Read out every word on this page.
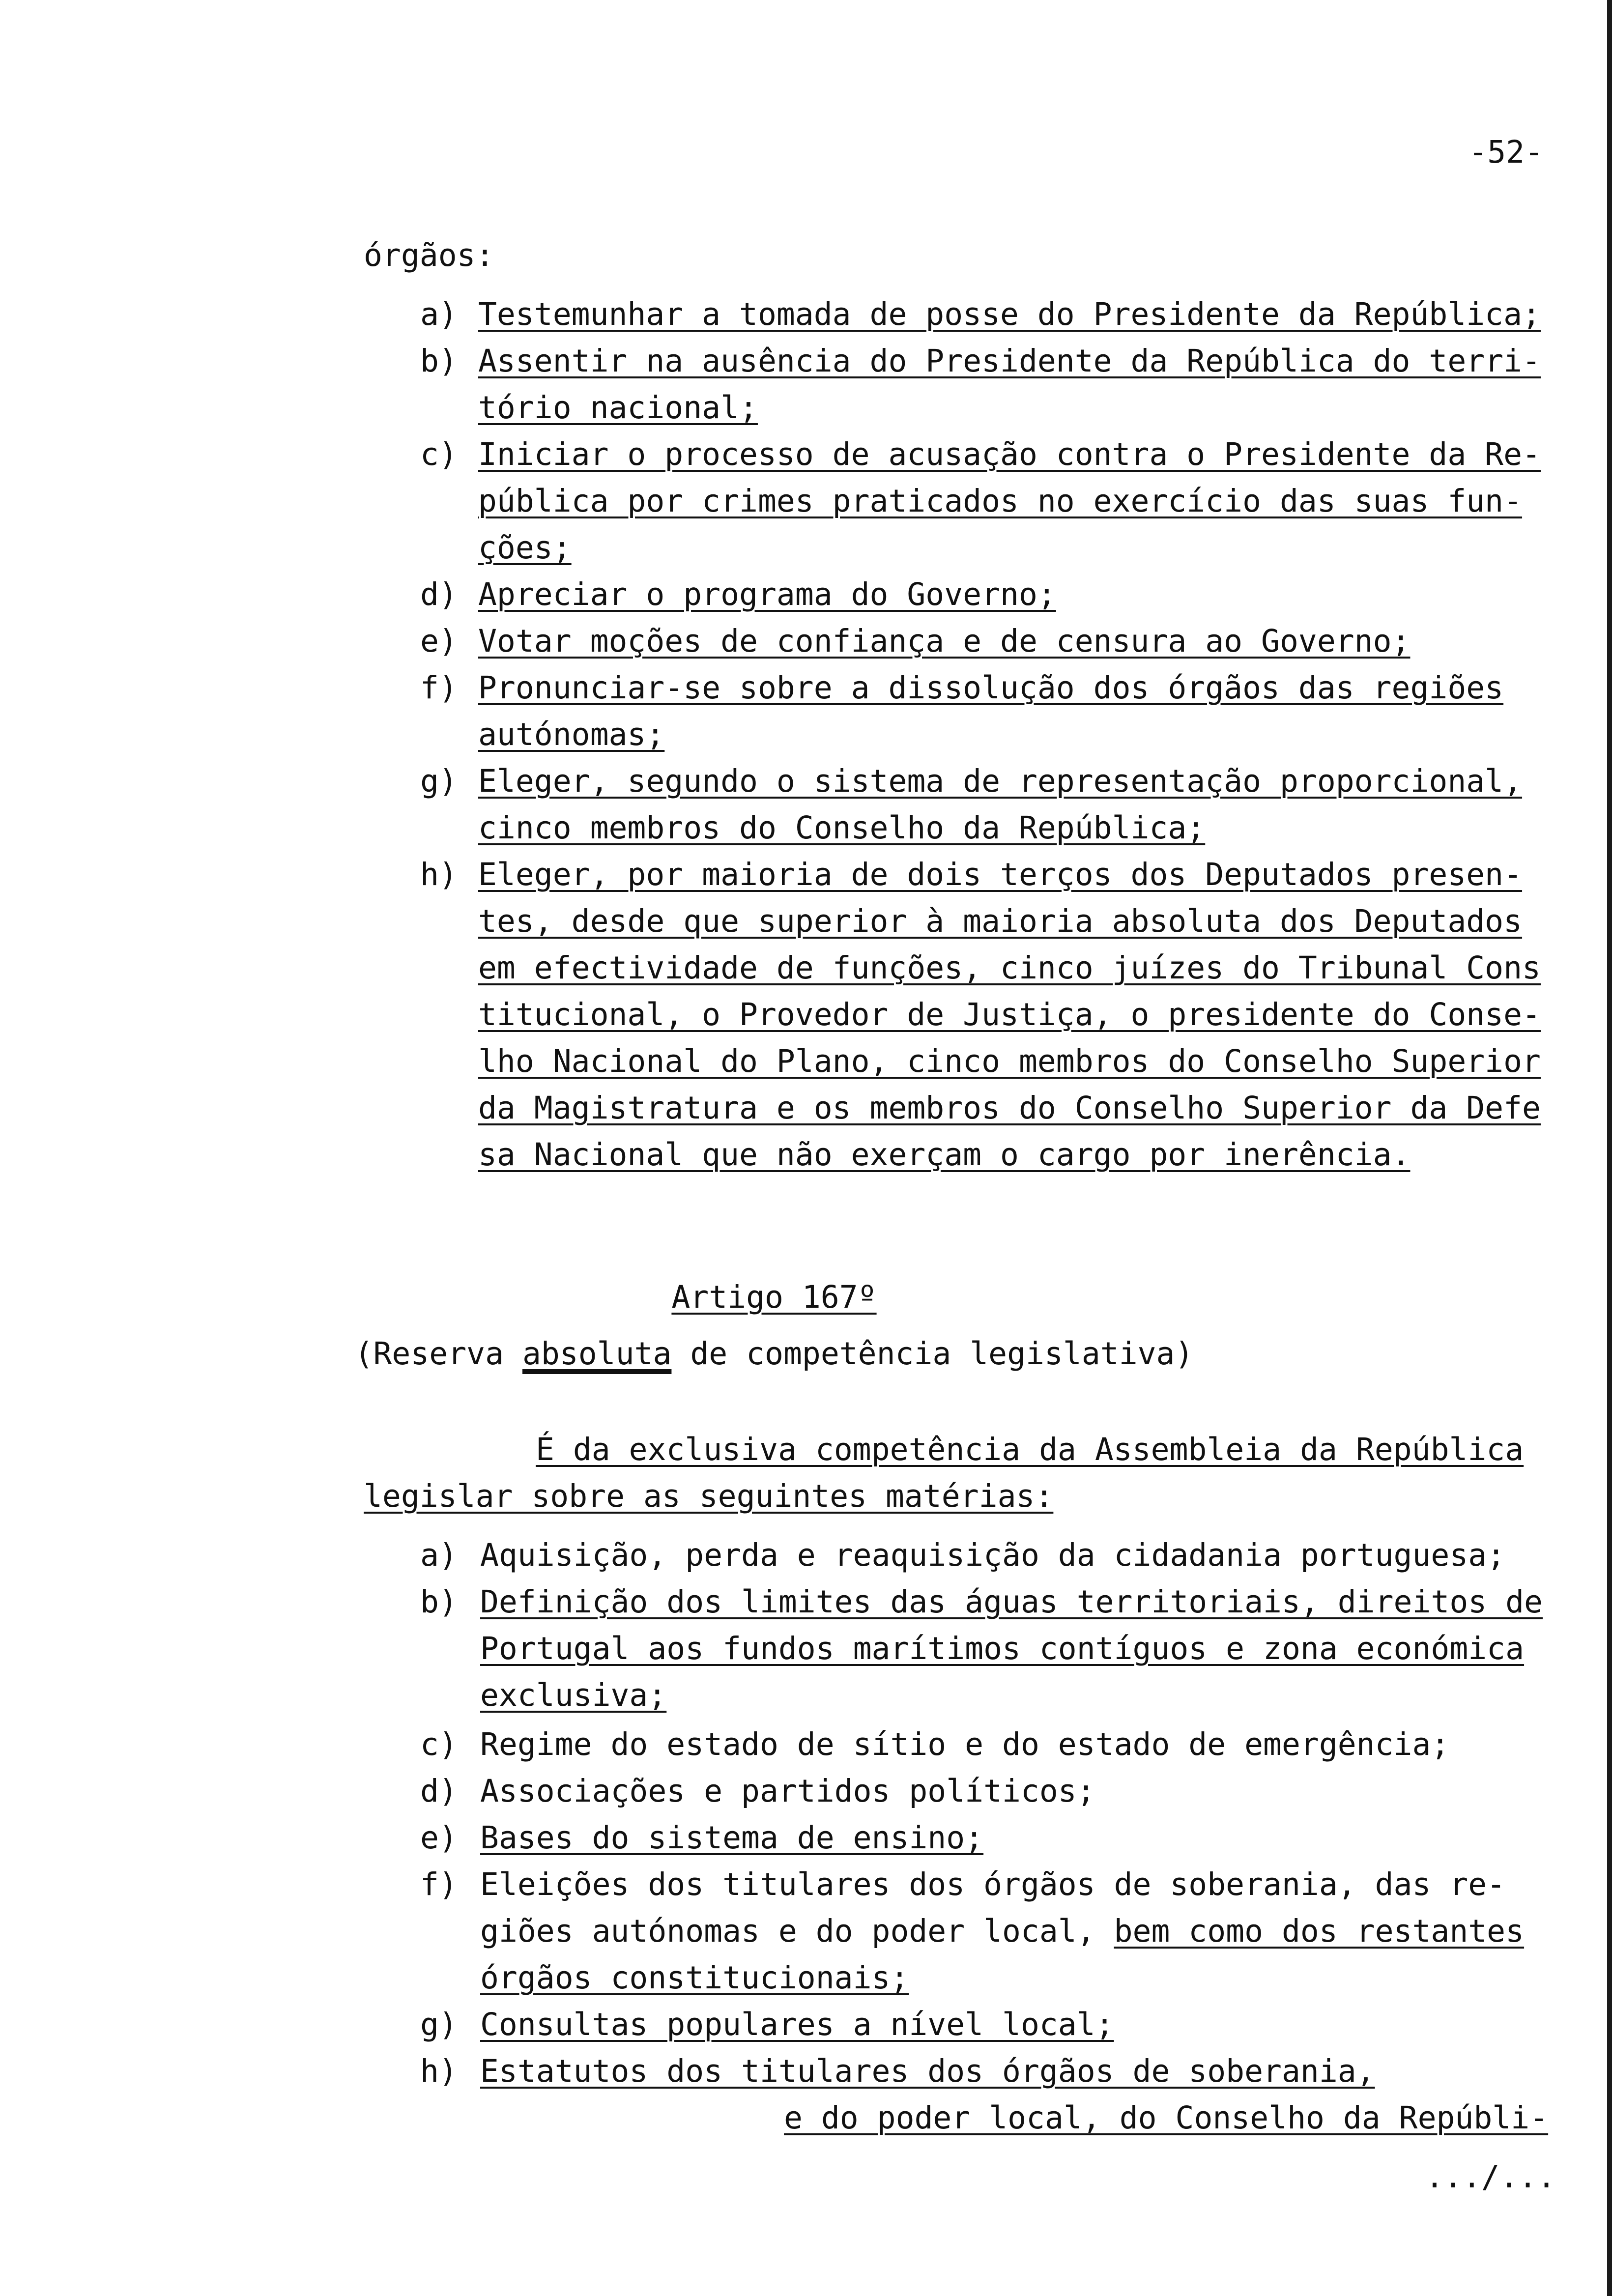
-52-
órgãos:
a) Testemunhar a tomada de posse do Presidente da República;
b) Assentir na ausência do Presidente da República do terri-
tório nacional;
c) Iniciar o processo de acusação contra o Presidente da Re-
pública por crimes praticados no exercício das suas fun-
ções;
d) Apreciar o programa do Governo;
e) Votar moções de confiança e de censura ao Governo;
f) Pronunciar-se sobre a dissolução dos órgãos das regiões
autónomas;
g) Eleger, segundo o sistema de representação proporcional,
cinco membros do Conselho da República;
h) Eleger, por maioria de dois terços dos Deputados presen-
tes, desde que superior à maioria absoluta dos Deputados
em efectividade de funções, cinco juízes do Tribunal Cons
titucional, o Provedor de Justiça, o presidente do Conse-
lho Nacional do Plano, cinco membros do Conselho Superior
da Magistratura e os membros do Conselho Superior da Defe
sa Nacional que não exerçam o cargo por inerência.
Artigo 167º
(Reserva absoluta de competência legislativa)
É da exclusiva competência da Assembleia da República
legislar sobre as seguintes matérias:
a) Aquisição, perda e reaquisição da cidadania portuguesa;
b) Definição dos limites das águas territoriais, direitos de
Portugal aos fundos marítimos contíguos e zona económica
exclusiva;
c) Regime do estado de sítio e do estado de emergência;
d) Associações e partidos políticos;
e) Bases do sistema de ensino;
f) Eleições dos titulares dos órgãos de soberania, das re-
giões autónomas e do poder local, bem como dos restantes
órgãos constitucionais;
g) Consultas populares a nível local;
h) Estatutos dos titulares dos órgãos de soberania,
e do poder local, do Conselho da Repúbli-
.../...
